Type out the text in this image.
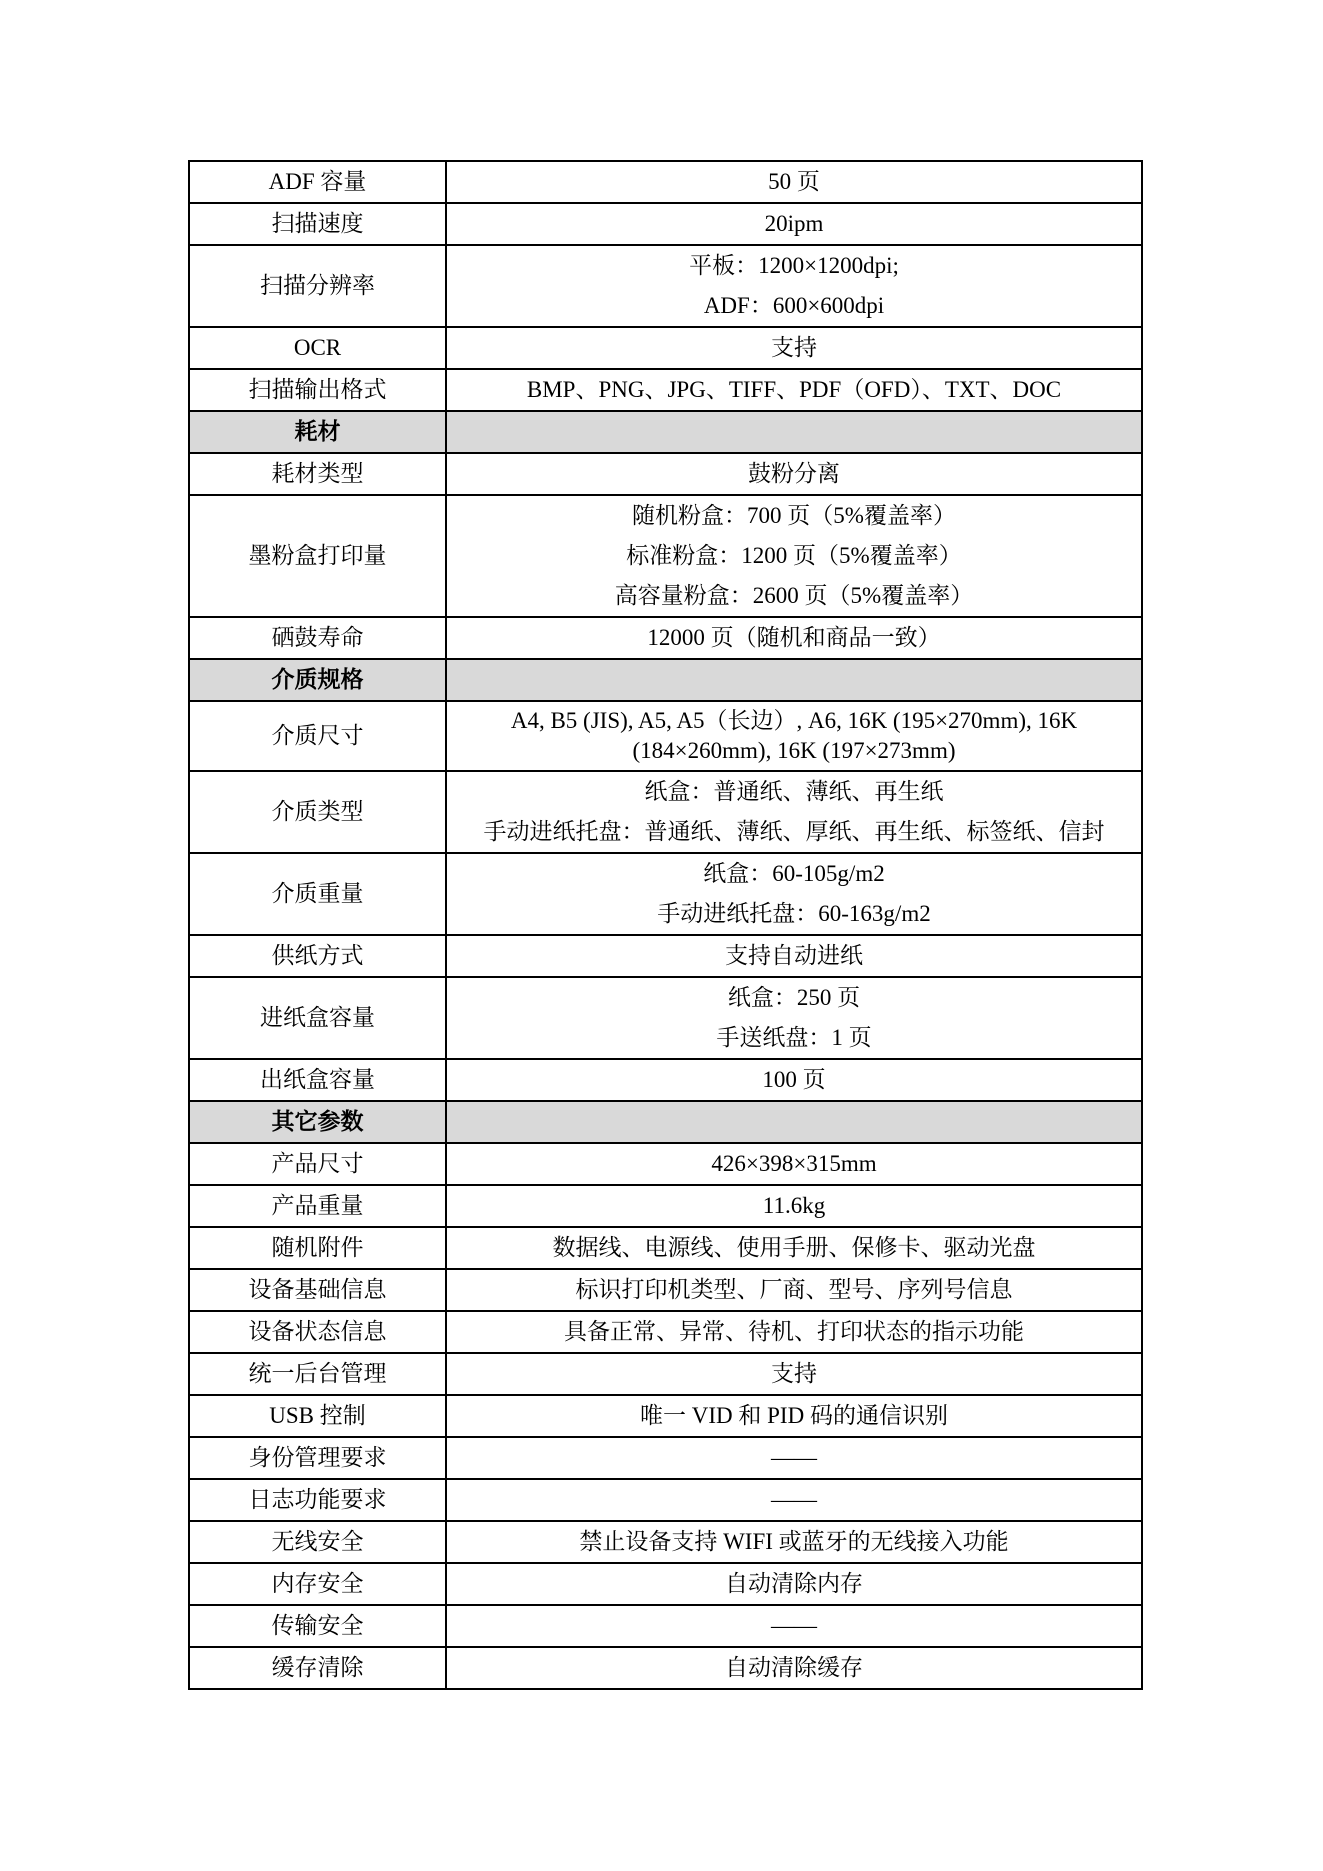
ADF 容量	50 页

扫描速度	20ipm

扫描分辨率	平板：1200×1200dpi;
ADF：600×600dpi

OCR	支持

扫描输出格式	BMP、PNG、JPG、TIFF、PDF（OFD）、TXT、DOC

耗材	

耗材类型	鼓粉分离

墨粉盒打印量	随机粉盒：700 页（5%覆盖率）
标准粉盒：1200 页（5%覆盖率）
高容量粉盒：2600 页（5%覆盖率）

硒鼓寿命	12000 页（随机和商品一致）

介质规格	

介质尺寸	A4, B5 (JIS), A5, A5（长边）, A6, 16K (195×270mm), 16K (184×260mm), 16K (197×273mm)

介质类型	纸盒：普通纸、薄纸、再生纸
手动进纸托盘：普通纸、薄纸、厚纸、再生纸、标签纸、信封

介质重量	纸盒：60-105g/m2
手动进纸托盘：60-163g/m2

供纸方式	支持自动进纸

进纸盒容量	纸盒：250 页
手送纸盘：1 页

出纸盒容量	100 页

其它参数	

产品尺寸	426×398×315mm

产品重量	11.6kg

随机附件	数据线、电源线、使用手册、保修卡、驱动光盘

设备基础信息	标识打印机类型、厂商、型号、序列号信息

设备状态信息	具备正常、异常、待机、打印状态的指示功能

统一后台管理	支持

USB 控制	唯一 VID 和 PID 码的通信识别

身份管理要求	——

日志功能要求	——

无线安全	禁止设备支持 WIFI 或蓝牙的无线接入功能

内存安全	自动清除内存

传输安全	——

缓存清除	自动清除缓存
